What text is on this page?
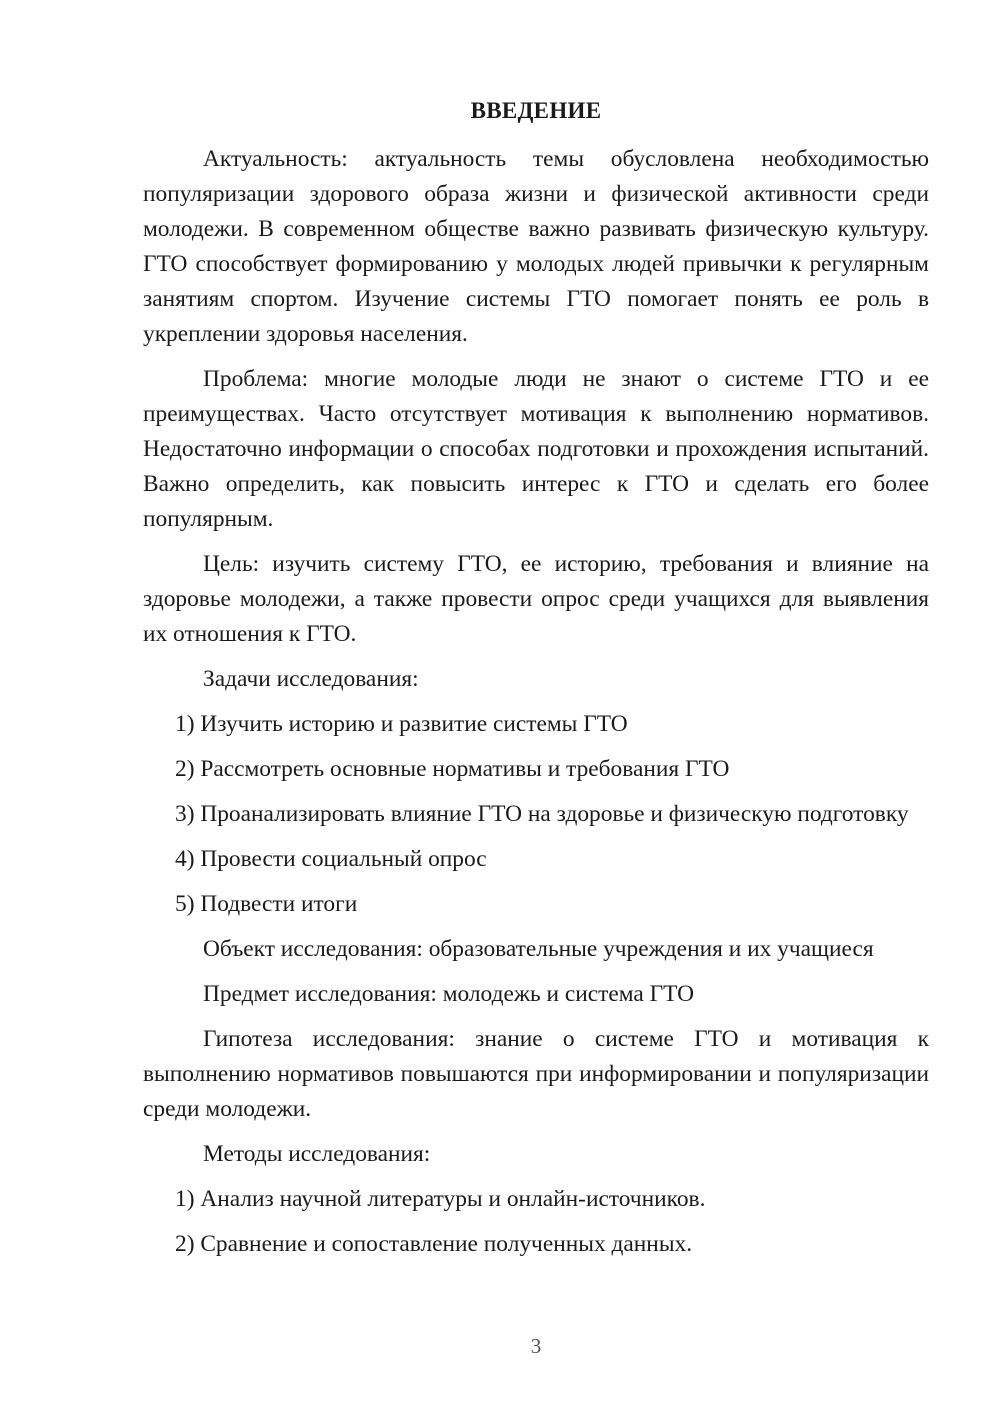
ВВЕДЕНИЕ

Актуальность: актуальность темы обусловлена необходимостью популяризации здорового образа жизни и физической активности среди молодежи. В современном обществе важно развивать физическую культуру. ГТО способствует формированию у молодых людей привычки к регулярным занятиям спортом. Изучение системы ГТО помогает понять ее роль в укреплении здоровья населения.

Проблема: многие молодые люди не знают о системе ГТО и ее преимуществах. Часто отсутствует мотивация к выполнению нормативов. Недостаточно информации о способах подготовки и прохождения испытаний. Важно определить, как повысить интерес к ГТО и сделать его более популярным.

Цель: изучить систему ГТО, ее историю, требования и влияние на здоровье молодежи, а также провести опрос среди учащихся для выявления их отношения к ГТО.

Задачи исследования:

1) Изучить историю и развитие системы ГТО

2) Рассмотреть основные нормативы и требования ГТО

3) Проанализировать влияние ГТО на здоровье и физическую подготовку

4) Провести социальный опрос

5) Подвести итоги

Объект исследования: образовательные учреждения и их учащиеся

Предмет исследования: молодежь и система ГТО

Гипотеза исследования: знание о системе ГТО и мотивация к выполнению нормативов повышаются при информировании и популяризации среди молодежи.

Методы исследования:

1) Анализ научной литературы и онлайн-источников.

2) Сравнение и сопоставление полученных данных.

3
